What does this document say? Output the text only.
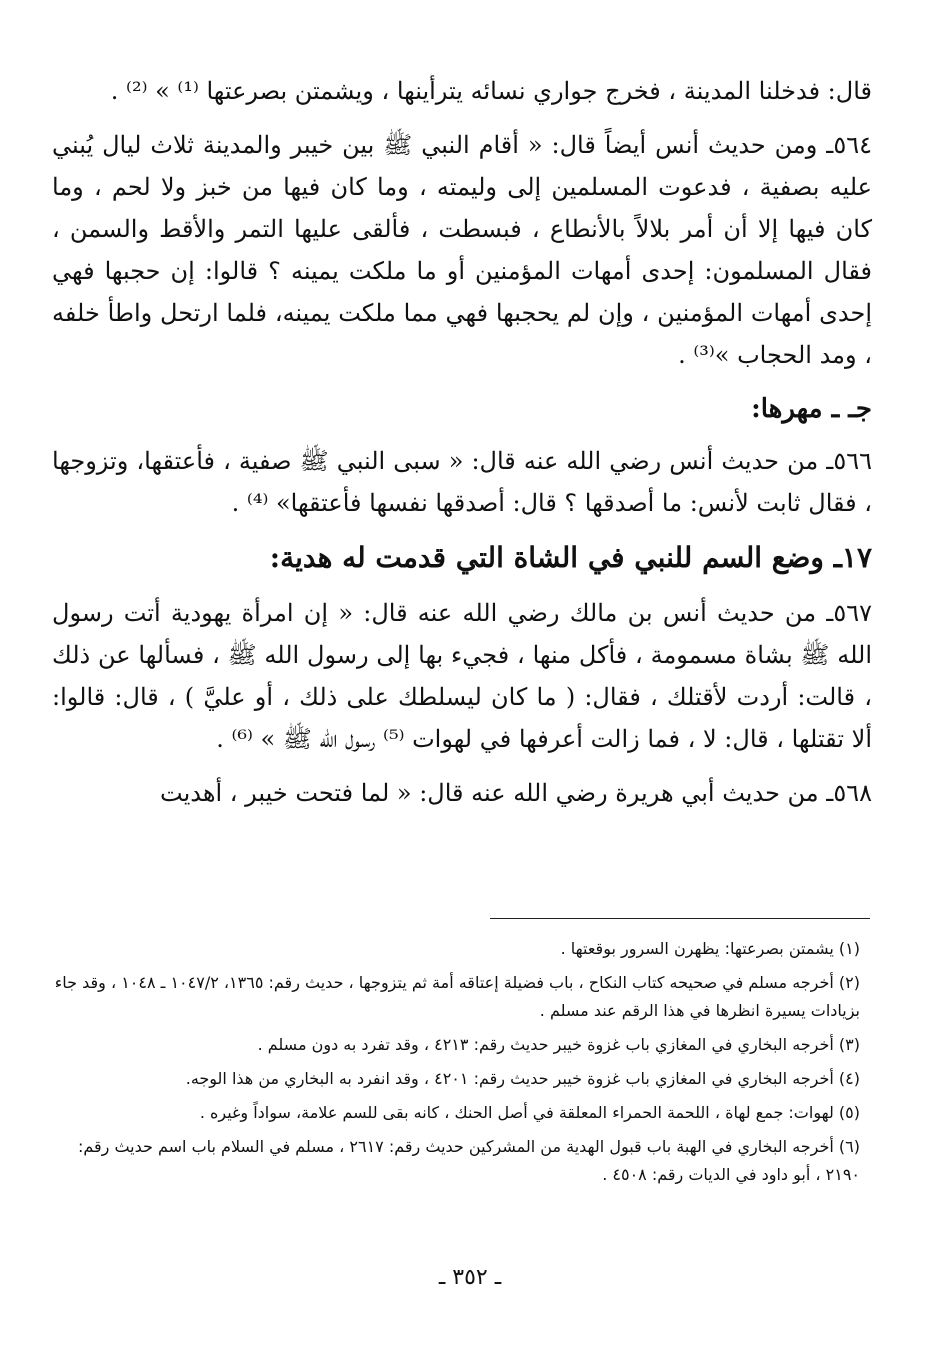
قال: فدخلنا المدينة ، فخرج جواري نسائه يترأينها ، ويشمتن بصرعتها ⁽¹⁾ » ⁽²⁾ .

٥٦٤ـ ومن حديث أنس أيضاً قال: « أقام النبي ﷺ بين خيبر والمدينة ثلاث ليال يُبني عليه بصفية ، فدعوت المسلمين إلى وليمته ، وما كان فيها من خبز ولا لحم ، وما كان فيها إلا أن أمر بلالاً بالأنطاع ، فبسطت ، فألقى عليها التمر والأقط والسمن ، فقال المسلمون: إحدى أمهات المؤمنين أو ما ملكت يمينه ؟ قالوا: إن حجبها فهي إحدى أمهات المؤمنين ، وإن لم يحجبها فهي مما ملكت يمينه، فلما ارتحل واطأ خلفه ، ومد الحجاب »⁽³⁾ .

جـ ـ مهرها:

٥٦٦ـ من حديث أنس رضي الله عنه قال: « سبى النبي ﷺ صفية ، فأعتقها، وتزوجها ، فقال ثابت لأنس: ما أصدقها ؟ قال: أصدقها نفسها فأعتقها» ⁽⁴⁾ .

١٧ـ وضع السم للنبي في الشاة التي قدمت له هدية:

٥٦٧ـ من حديث أنس بن مالك رضي الله عنه قال: « إن امرأة يهودية أتت رسول الله ﷺ بشاة مسمومة ، فأكل منها ، فجيء بها إلى رسول الله ﷺ ، فسألها عن ذلك ، قالت: أردت لأقتلك ، فقال: ( ما كان ليسلطك على ذلك ، أو عليَّ ) ، قال: قالوا: ألا تقتلها ، قال: لا ، فما زالت أعرفها في لهوات ⁽⁵⁾ رسول الله ﷺ » ⁽⁶⁾ .

٥٦٨ـ من حديث أبي هريرة رضي الله عنه قال: « لما فتحت خيبر ، أهديت

(١) يشمتن بصرعتها: يظهرن السرور بوقعتها .

(٢) أخرجه مسلم في صحيحه كتاب النكاح ، باب فضيلة إعتاقه أمة ثم يتزوجها ، حديث رقم: ١٣٦٥، ١٠٤٧/٢ ـ ١٠٤٨ ، وقد جاء بزيادات يسيرة انظرها في هذا الرقم عند مسلم .

(٣) أخرجه البخاري في المغازي باب غزوة خيبر حديث رقم: ٤٢١٣ ، وقد تفرد به دون مسلم .

(٤) أخرجه البخاري في المغازي باب غزوة خيبر حديث رقم: ٤٢٠١ ، وقد انفرد به البخاري من هذا الوجه.

(٥) لهوات: جمع لهاة ، اللحمة الحمراء المعلقة في أصل الحنك ، كانه بقى للسم علامة، سواداً وغيره .

(٦) أخرجه البخاري في الهبة باب قبول الهدية من المشركين حديث رقم: ٢٦١٧ ، مسلم في السلام باب اسم حديث رقم: ٢١٩٠ ، أبو داود في الديات رقم: ٤٥٠٨ .

ـ ٣٥٢ ـ
